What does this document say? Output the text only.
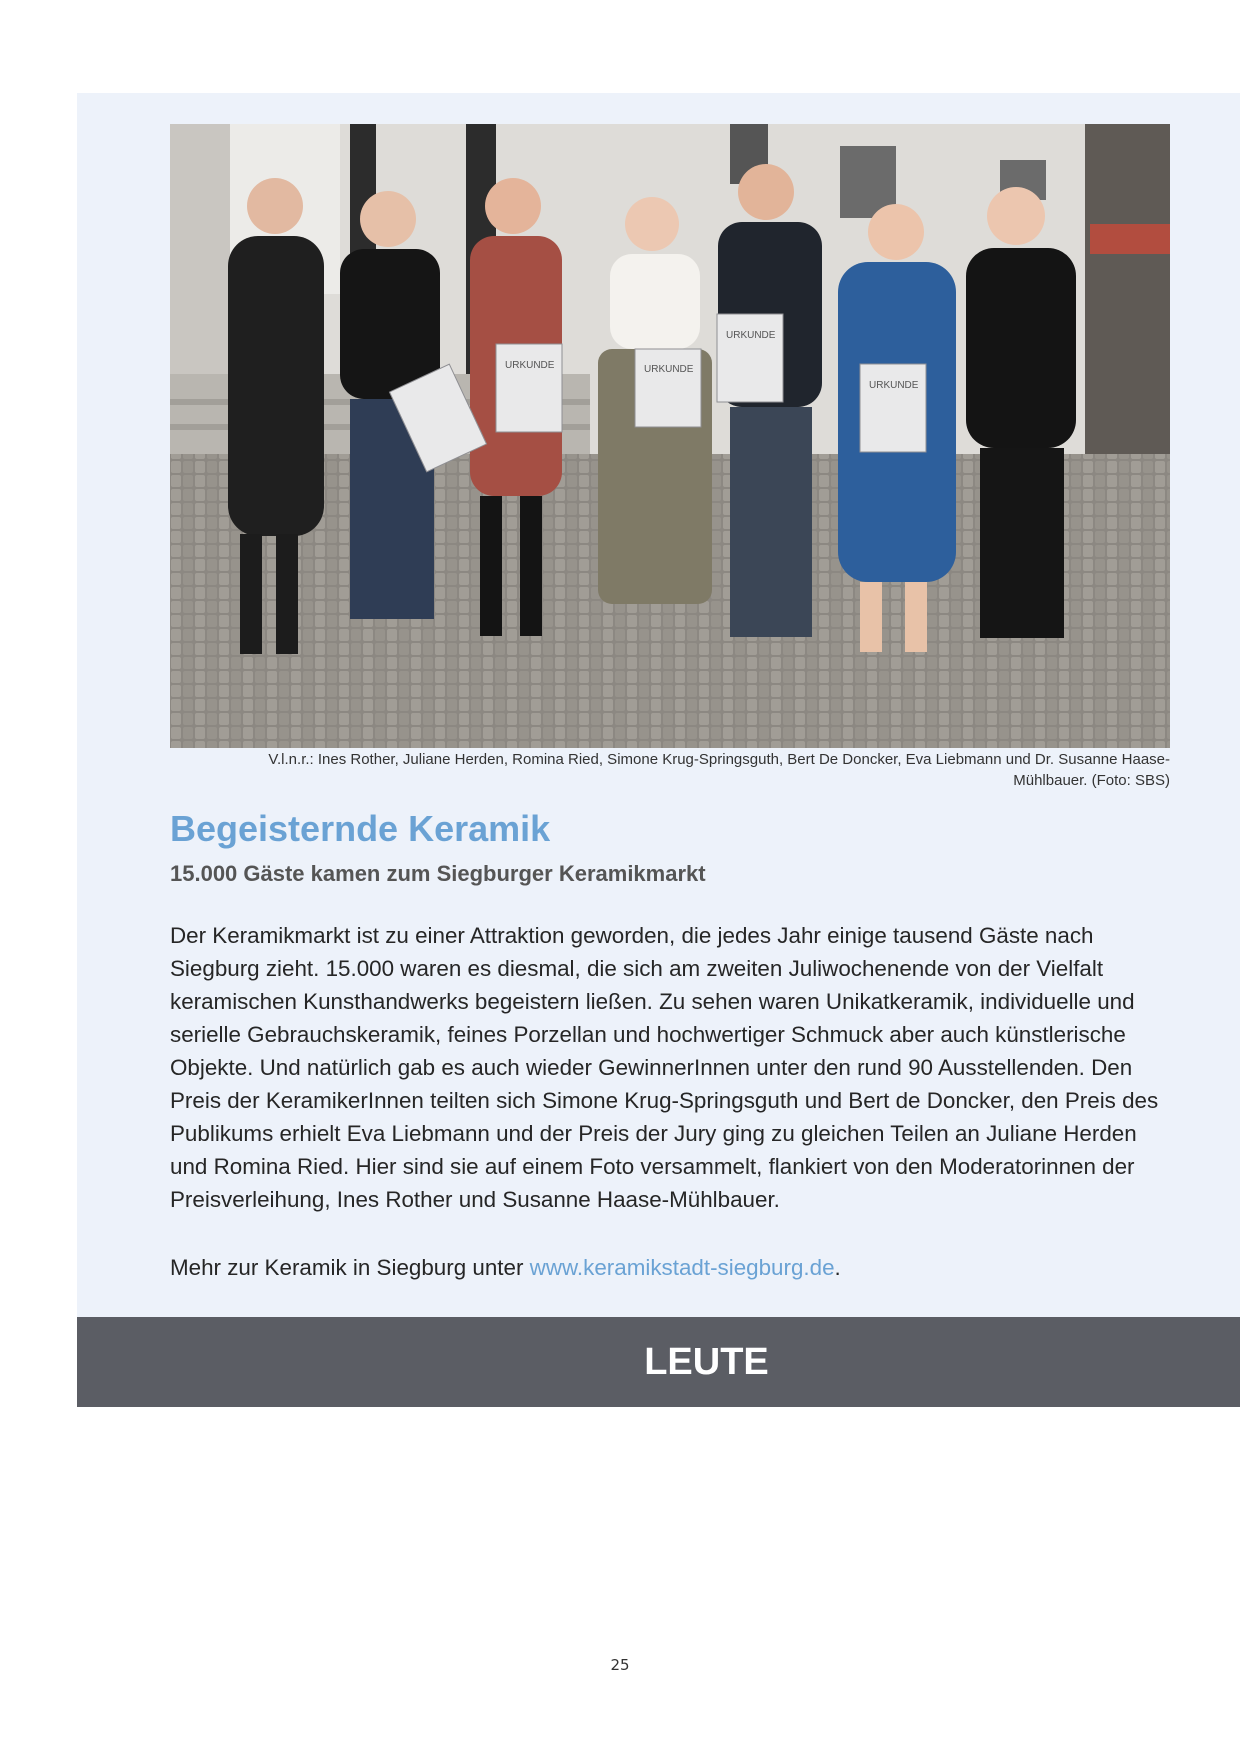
URKUNDE	URKUNDE
URKUNDE
URKUNDE
V.l.n.r.: Ines Rother, Juliane Herden, Romina Ried, Simone Krug-Springsguth, Bert De Doncker, Eva Liebmann und Dr. Susanne Haase-
Mühlbauer. (Foto: SBS)
Begeisternde Keramik
15.000 Gäste kamen zum Siegburger Keramikmarkt

Der Keramikmarkt ist zu einer Attraktion geworden, die jedes Jahr einige tausend Gäste nach Siegburg zieht. 15.000 waren es diesmal, die sich am zweiten Juliwochenende von der Vielfalt keramischen Kunsthandwerks begeistern ließen. Zu sehen waren Unikatkeramik, individuelle und serielle Gebrauchskeramik, feines Porzellan und hochwertiger Schmuck aber auch künstlerische Objekte. Und natürlich gab es auch wieder GewinnerInnen unter den rund 90 Ausstellenden. Den Preis der KeramikerInnen teilten sich Simone Krug-Springsguth und Bert de Doncker, den Preis des Publikums erhielt Eva Liebmann und der Preis der Jury ging zu gleichen Teilen an Juliane Herden und Romina Ried. Hier sind sie auf einem Foto versammelt, flankiert von den Moderatorinnen der Preisverleihung, Ines Rother und Susanne Haase-Mühlbauer.

Mehr zur Keramik in Siegburg unter www.keramikstadt-siegburg.de.

LEUTE
25
